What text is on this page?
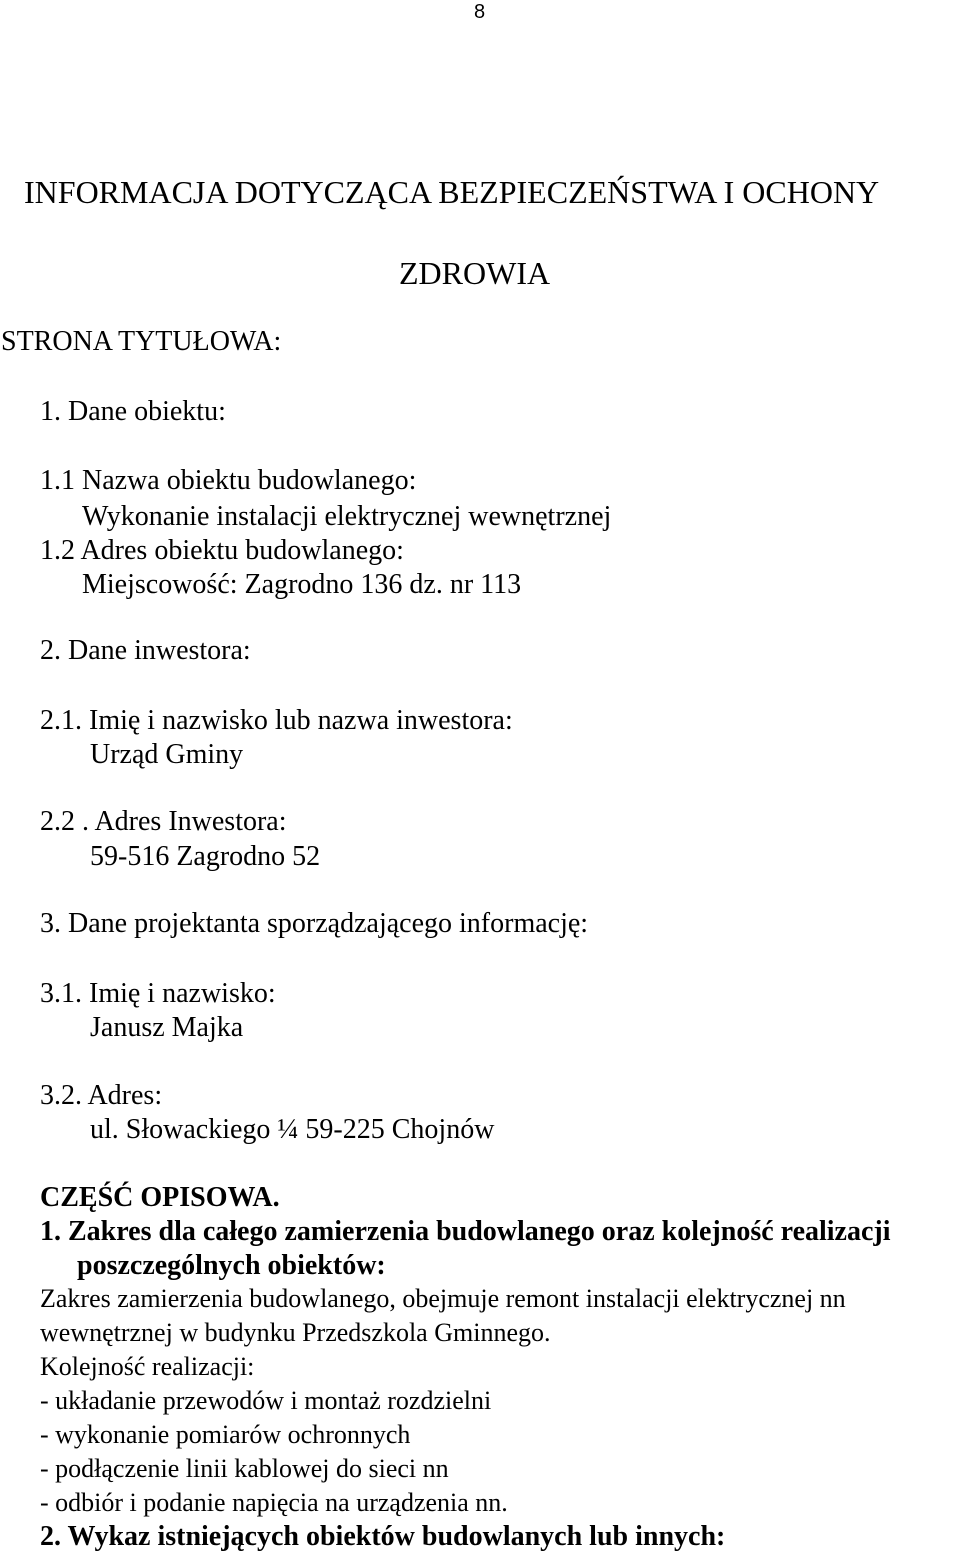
8
INFORMACJA DOTYCZĄCA BEZPIECZEŃSTWA I OCHONY
ZDROWIA
STRONA TYTUŁOWA:
1. Dane obiektu:
1.1 Nazwa obiektu budowlanego:
Wykonanie instalacji elektrycznej wewnętrznej
1.2 Adres obiektu budowlanego:
Miejscowość: Zagrodno 136 dz. nr 113
2. Dane inwestora:
2.1. Imię i nazwisko lub nazwa inwestora:
Urząd Gminy
2.2 . Adres Inwestora:
59-516 Zagrodno 52
3. Dane projektanta sporządzającego informację:
3.1. Imię i nazwisko:
Janusz Majka
3.2. Adres:
ul. Słowackiego ¼ 59-225 Chojnów
CZĘŚĆ OPISOWA.
1. Zakres dla całego zamierzenia budowlanego oraz kolejność realizacji
poszczególnych obiektów:
Zakres zamierzenia budowlanego, obejmuje remont instalacji elektrycznej nn
wewnętrznej w budynku Przedszkola Gminnego.
Kolejność realizacji:
- układanie przewodów i montaż rozdzielni
- wykonanie pomiarów ochronnych
- podłączenie linii kablowej do sieci nn
- odbiór i podanie napięcia na urządzenia nn.
2. Wykaz istniejących obiektów budowlanych lub innych:
